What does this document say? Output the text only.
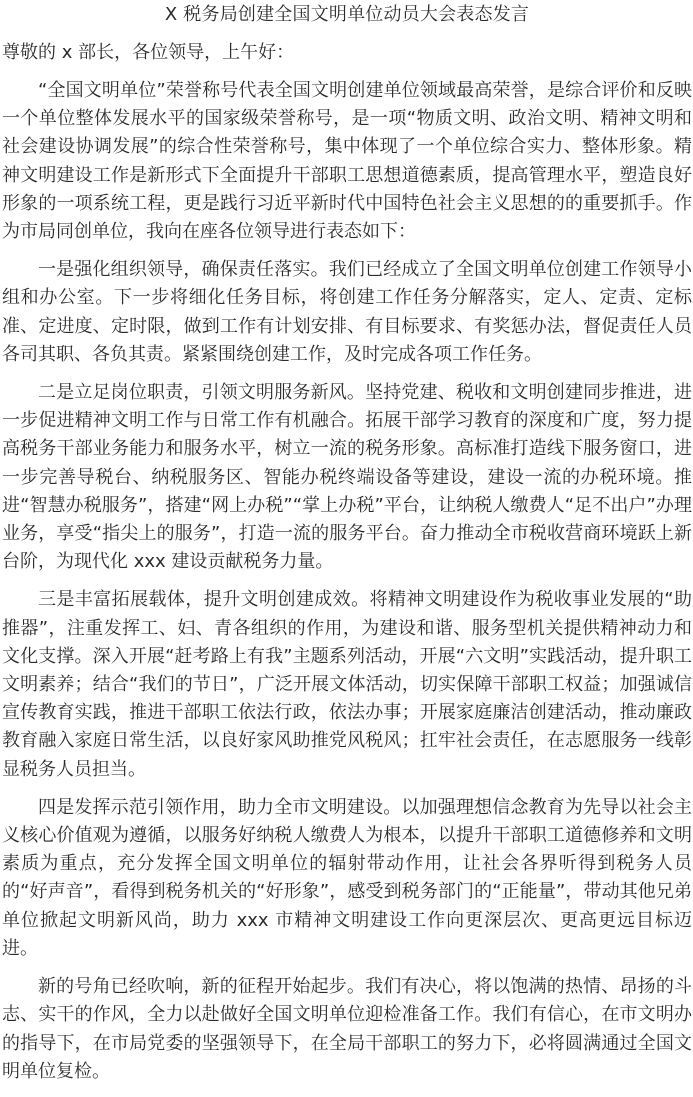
X 税务局创建全国文明单位动员大会表态发言

尊敬的 x 部长，各位领导，上午好：

“全国文明单位”荣誉称号代表全国文明创建单位领域最高荣誉，是综合评价和反映一个单位整体发展水平的国家级荣誉称号，是一项“物质文明、政治文明、精神文明和社会建设协调发展”的综合性荣誉称号，集中体现了一个单位综合实力、整体形象。精神文明建设工作是新形式下全面提升干部职工思想道德素质，提高管理水平，塑造良好形象的一项系统工程，更是践行习近平新时代中国特色社会主义思想的的重要抓手。作为市局同创单位，我向在座各位领导进行表态如下：

一是强化组织领导，确保责任落实。我们已经成立了全国文明单位创建工作领导小组和办公室。下一步将细化任务目标，将创建工作任务分解落实，定人、定责、定标准、定进度、定时限，做到工作有计划安排、有目标要求、有奖惩办法，督促责任人员各司其职、各负其责。紧紧围绕创建工作，及时完成各项工作任务。

二是立足岗位职责，引领文明服务新风。坚持党建、税收和文明创建同步推进，进一步促进精神文明工作与日常工作有机融合。拓展干部学习教育的深度和广度，努力提高税务干部业务能力和服务水平，树立一流的税务形象。高标准打造线下服务窗口，进一步完善导税台、纳税服务区、智能办税终端设备等建设，建设一流的办税环境。推进“智慧办税服务”，搭建“网上办税”“掌上办税”平台，让纳税人缴费人“足不出户”办理业务，享受“指尖上的服务”，打造一流的服务平台。奋力推动全市税收营商环境跃上新台阶，为现代化 xxx 建设贡献税务力量。

三是丰富拓展载体，提升文明创建成效。将精神文明建设作为税收事业发展的“助推器”，注重发挥工、妇、青各组织的作用，为建设和谐、服务型机关提供精神动力和文化支撑。深入开展“赶考路上有我”主题系列活动，开展“六文明”实践活动，提升职工文明素养；结合“我们的节日”，广泛开展文体活动，切实保障干部职工权益；加强诚信宣传教育实践，推进干部职工依法行政，依法办事；开展家庭廉洁创建活动，推动廉政教育融入家庭日常生活，以良好家风助推党风税风；扛牢社会责任，在志愿服务一线彰显税务人员担当。

四是发挥示范引领作用，助力全市文明建设。以加强理想信念教育为先导以社会主义核心价值观为遵循，以服务好纳税人缴费人为根本，以提升干部职工道德修养和文明素质为重点，充分发挥全国文明单位的辐射带动作用，让社会各界听得到税务人员的“好声音”，看得到税务机关的“好形象”，感受到税务部门的“正能量”，带动其他兄弟单位掀起文明新风尚，助力 xxx 市精神文明建设工作向更深层次、更高更远目标迈进。

新的号角已经吹响，新的征程开始起步。我们有决心，将以饱满的热情、昂扬的斗志、实干的作风，全力以赴做好全国文明单位迎检准备工作。我们有信心，在市文明办的指导下，在市局党委的坚强领导下，在全局干部职工的努力下，必将圆满通过全国文明单位复检。
